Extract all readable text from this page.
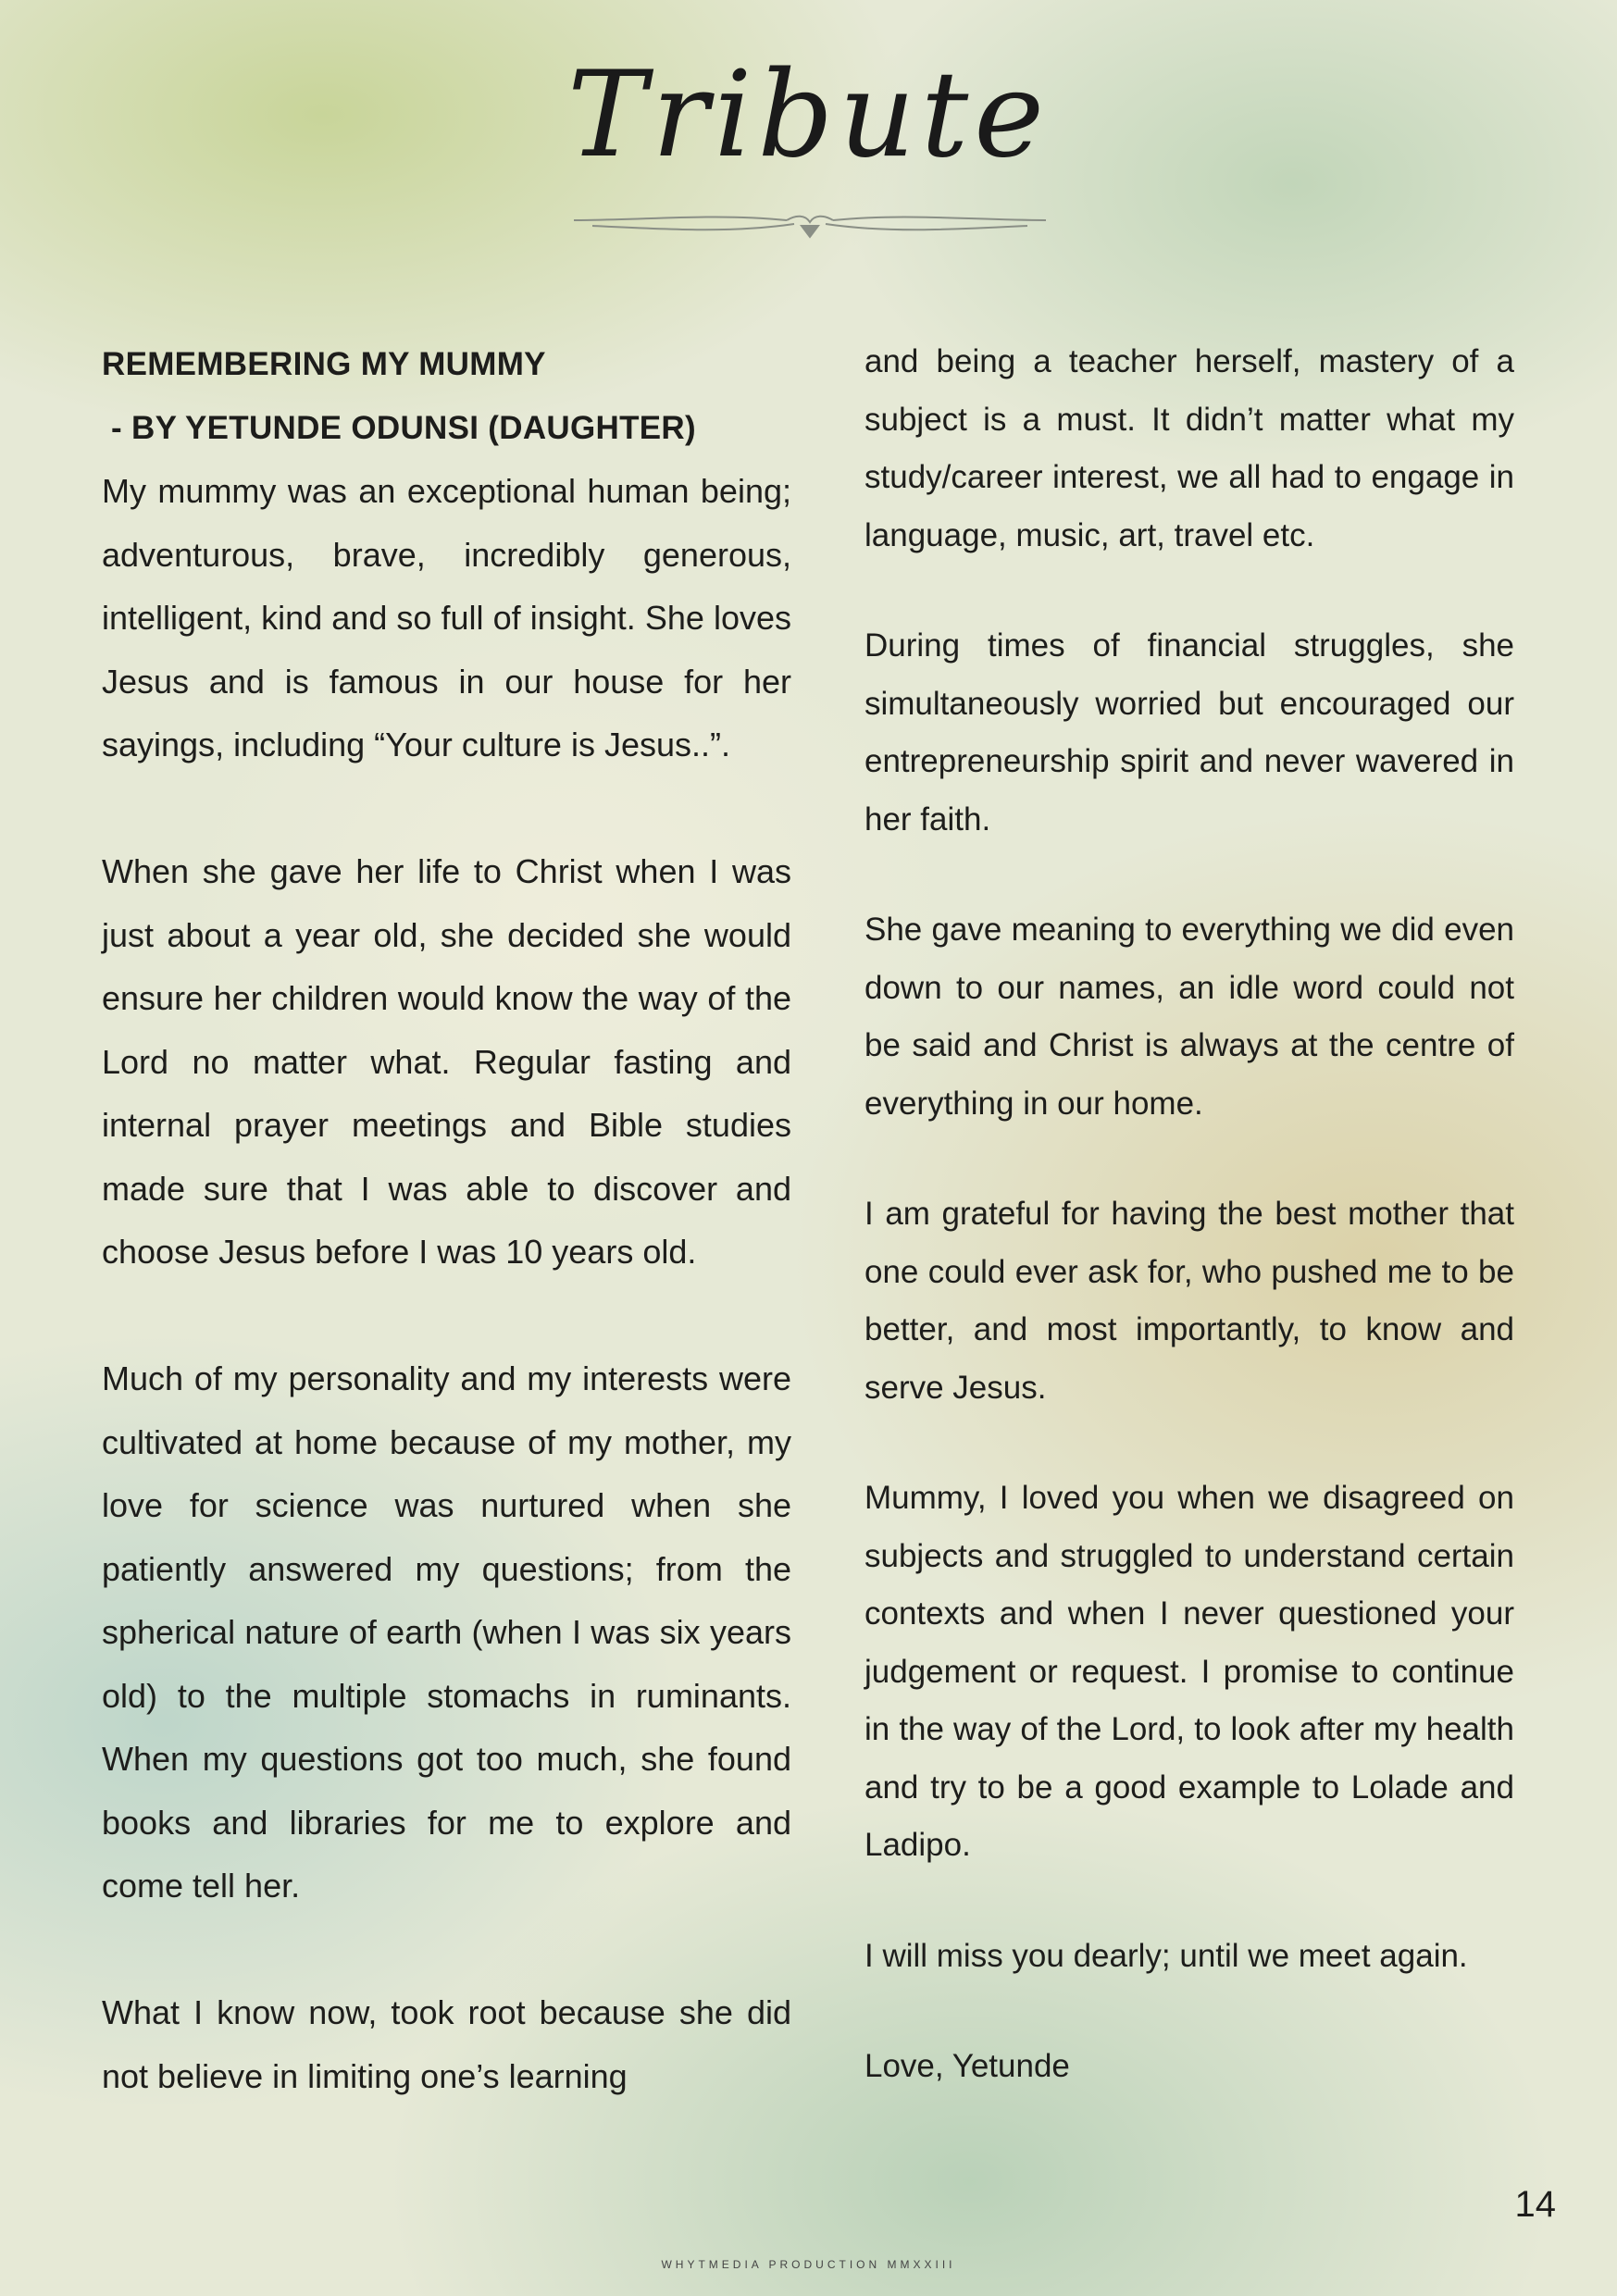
Tribute
REMEMBERING MY MUMMY
- BY YETUNDE ODUNSI (DAUGHTER)

My mummy was an exceptional human being; adventurous, brave, incredibly generous, intelligent, kind and so full of insight. She loves Jesus and is famous in our house for her sayings, including “Your culture is Jesus..”.

When she gave her life to Christ when I was just about a year old, she decided she would ensure her children would know the way of the Lord no matter what. Regular fasting and internal prayer meetings and Bible studies made sure that I was able to discover and choose Jesus before I was 10 years old.

Much of my personality and my interests were cultivated at home because of my mother, my love for science was nurtured when she patiently answered my questions; from the spherical nature of earth (when I was six years old) to the multiple stomachs in ruminants. When my questions got too much, she found books and libraries for me to explore and come tell her.

What I know now, took root because she did not believe in limiting one’s learning

and being a teacher herself, mastery of a subject is a must. It didn’t matter what my study/career interest, we all had to engage in language, music, art, travel etc.

During times of financial struggles, she simultaneously worried but encouraged our entrepreneurship spirit and never wavered in her faith.

She gave meaning to everything we did even down to our names, an idle word could not be said and Christ is always at the centre of everything in our home.

I am grateful for having the best mother that one could ever ask for, who pushed me to be better, and most importantly, to know and serve Jesus.

Mummy, I loved you when we disagreed on subjects and struggled to understand certain contexts and when I never questioned your judgement or request. I promise to continue in the way of the Lord, to look after my health and try to be a good example to Lolade and Ladipo.

I will miss you dearly; until we meet again.

Love, Yetunde

14
WHYTMEDIA PRODUCTION MMXXIII
